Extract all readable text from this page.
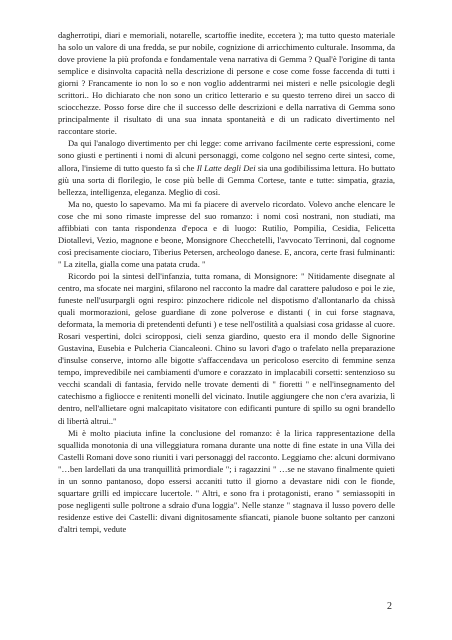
dagherrotipi, diari e memoriali, notarelle, scartoffie inedite, eccetera ); ma tutto questo materiale ha solo un valore di una fredda, se pur nobile, cognizione di arricchimento culturale. Insomma, da dove proviene la più profonda e fondamentale vena narrativa di Gemma ? Qual'è l'origine di tanta semplice e disinvolta capacità nella descrizione di persone e cose come fosse faccenda di tutti i giorni ? Francamente io non lo so e non voglio addentrarmi nei misteri e nelle psicologie degli scrittori.. Ho dichiarato che non sono un critico letterario e su questo terreno direi un sacco di sciocchezze. Posso forse dire che il successo delle descrizioni e della narrativa di Gemma sono principalmente il risultato di una sua innata spontaneità e di un radicato divertimento nel raccontare storie.

Da qui l'analogo divertimento per chi legge: come arrivano facilmente certe espressioni, come sono giusti e pertinenti i nomi di alcuni personaggi, come colgono nel segno certe sintesi, come, allora, l'insieme di tutto questo fa sì che Il Latte degli Dei sia una godibilissima lettura. Ho buttato giù una sorta di florilegio, le cose più belle di Gemma Cortese, tante e tutte: simpatia, grazia, bellezza, intelligenza, eleganza. Meglio di così.

Ma no, questo lo sapevamo. Ma mi fa piacere di avervelo ricordato. Volevo anche elencare le cose che mi sono rimaste impresse del suo romanzo: i nomi così nostrani, non studiati, ma affibbiati con tanta rispondenza d'epoca e di luogo: Rutilio, Pompilia, Cesidia, Felicetta Diotallevi, Vezio, magnone e beone, Monsignore Checchetelli, l'avvocato Terrinoni, dal cognome così precisamente ciociaro, Tiberius Petersen, archeologo danese. E, ancora, certe frasi fulminanti: " La zitella, gialla come una patata cruda. "

Ricordo poi la sintesi dell'infanzia, tutta romana, di Monsignore: " Nitidamente disegnate al centro, ma sfocate nei margini, sfilarono nel racconto la madre dal carattere paludoso e poi le zie, funeste nell'usurpargli ogni respiro: pinzochere ridicole nel dispotismo d'allontanarlo da chissà quali mormorazioni, gelose guardiane di zone polverose e distanti ( in cui forse stagnava, deformata, la memoria di pretendenti defunti ) e tese nell'ostilità a qualsiasi cosa gridasse al cuore. Rosari vespertini, dolci sciropposi, cieli senza giardino, questo era il mondo delle Signorine Gustavina, Eusebia e Pulcheria Ciancaleoni. Chino su lavori d'ago o trafelato nella preparazione d'insulse conserve, intorno alle bigotte s'affaccendava un pericoloso esercito di femmine senza tempo, imprevedibile nei cambiamenti d'umore e corazzato in implacabili corsetti: sentenzioso su vecchi scandali di fantasia, fervido nelle trovate dementi di " fioretti " e nell'insegnamento del catechismo a figliocce e renitenti monelli del vicinato. Inutile aggiungere che non c'era avarizia, lì dentro, nell'allietare ogni malcapitato visitatore con edificanti punture di spillo su ogni brandello di libertà altrui.."

Mi è molto piaciuta infine la conclusione del romanzo: è la lirica rappresentazione della squallida monotonia di una villeggiatura romana durante una notte di fine estate in una Villa dei Castelli Romani dove sono riuniti i vari personaggi del racconto. Leggiamo che: alcuni dormivano "…ben lardellati da una tranquillità primordiale "; i ragazzini " …se ne stavano finalmente quieti in un sonno pantanoso, dopo essersi accaniti tutto il giorno a devastare nidi con le fionde, squartare grilli ed impiccare lucertole. " Altri, e sono fra i protagonisti, erano " semiassopiti in pose negligenti sulle poltrone a sdraio d'una loggia". Nelle stanze " stagnava il lusso povero delle residenze estive dei Castelli: divani dignitosamente sfiancati, pianole buone soltanto per canzoni d'altri tempi, vedute

2
